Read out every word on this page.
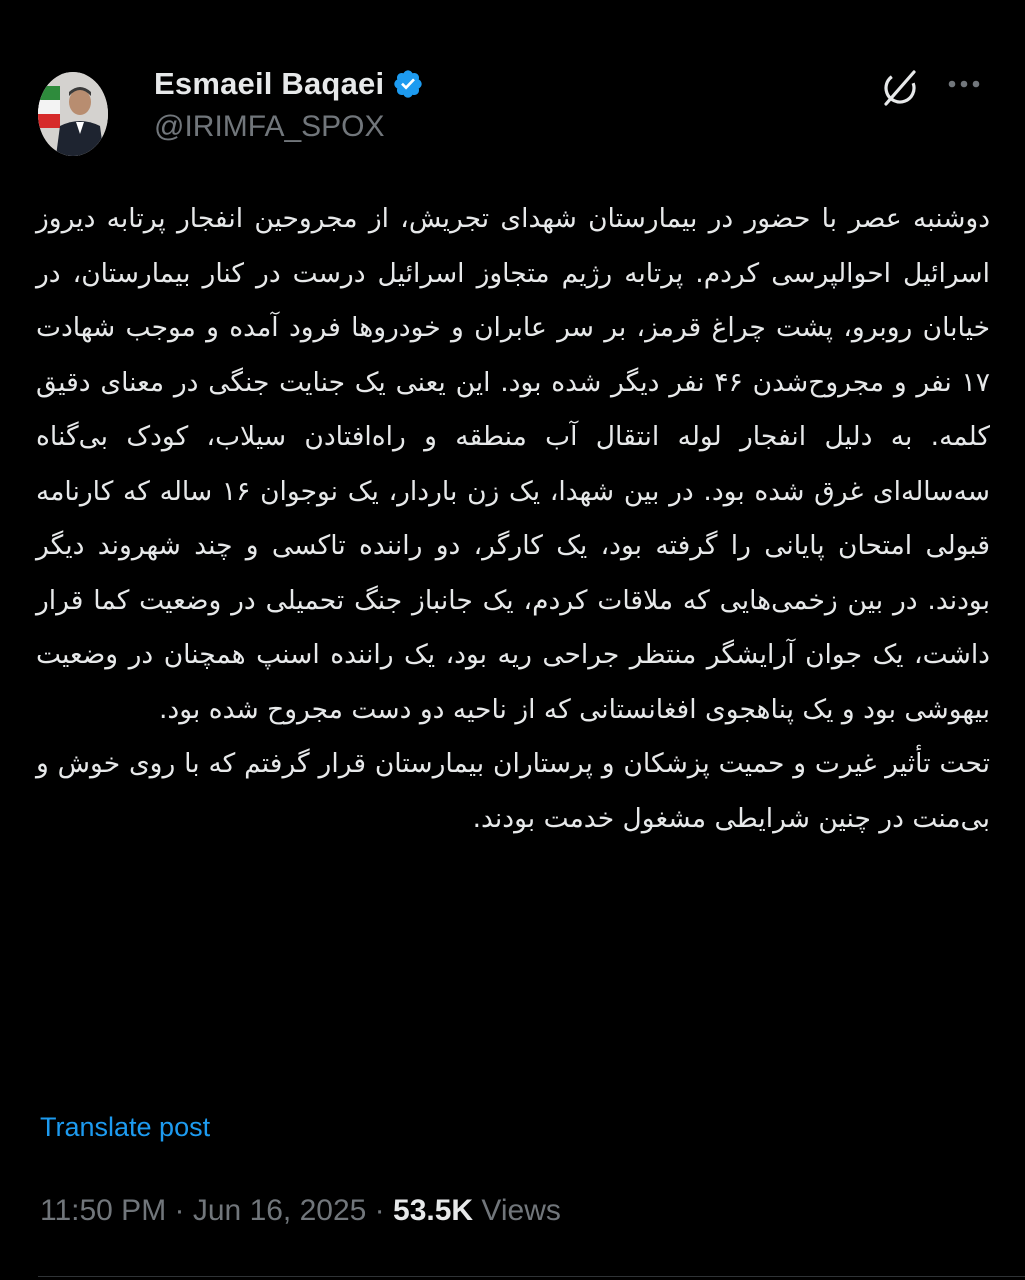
Esmaeil Baqaei
@IRIMFA_SPOX
دوشنبه عصر با حضور در بیمارستان شهدای تجریش، از مجروحین انفجار پرتابه دیروز اسرائیل احوالپرسی کردم. پرتابه رژیم متجاوز اسرائیل درست در کنار بیمارستان، در خیابان روبرو، پشت چراغ قرمز، بر سر عابران و خودروها فرود آمده و موجب شهادت ۱۷ نفر و مجروح‌شدن ۴۶ نفر دیگر شده بود. این یعنی یک جنایت جنگی در معنای دقیق کلمه. به دلیل انفجار لوله انتقال آب منطقه و راه‌افتادن سیلاب، کودک بی‌گناه سه‌ساله‌ای غرق شده بود. در بین شهدا، یک زن باردار، یک نوجوان ۱۶ ساله که کارنامه قبولی امتحان پایانی را گرفته بود، یک کارگر، دو راننده تاکسی و چند شهروند دیگر بودند. در بین زخمی‌هایی که ملاقات کردم، یک جانباز جنگ تحمیلی در وضعیت کما قرار داشت، یک جوان آرایشگر منتظر جراحی ریه بود، یک راننده اسنپ همچنان در وضعیت بیهوشی بود و یک پناهجوی افغانستانی که از ناحیه دو دست مجروح شده بود.
تحت تأثیر غیرت و حمیت پزشکان و پرستاران بیمارستان قرار گرفتم که با روی خوش و بی‌منت در چنین شرایطی مشغول خدمت بودند.
Translate post
11:50 PM · Jun 16, 2025 · 53.5K Views
